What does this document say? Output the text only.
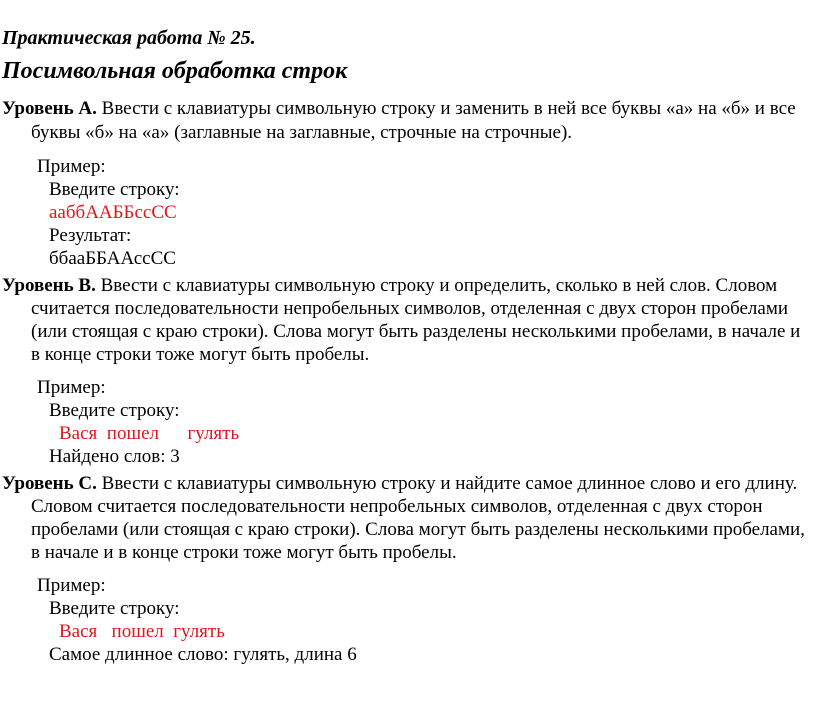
Практическая работа № 25.
Посимвольная обработка строк
Уровень A. Ввести с клавиатуры символьную строку и заменить в ней все буквы «а» на «б» и все
буквы «б» на «а» (заглавные на заглавные, строчные на строчные).
Пример:
Введите строку:
ааббААББссСС
Результат:
ббааББААссСС
Уровень B. Ввести с клавиатуры символьную строку и определить, сколько в ней слов. Словом
считается последовательности непробельных символов, отделенная с двух сторон пробелами
(или стоящая с краю строки). Слова могут быть разделены несколькими пробелами, в начале и
в конце строки тоже могут быть пробелы.
Пример:
Введите строку:
Вася  пошел      гулять
Найдено слов: 3
Уровень C. Ввести с клавиатуры символьную строку и найдите самое длинное слово и его длину.
Словом считается последовательности непробельных символов, отделенная с двух сторон
пробелами (или стоящая с краю строки). Слова могут быть разделены несколькими пробелами,
в начале и в конце строки тоже могут быть пробелы.
Пример:
Введите строку:
Вася   пошел  гулять
Самое длинное слово: гулять, длина 6
